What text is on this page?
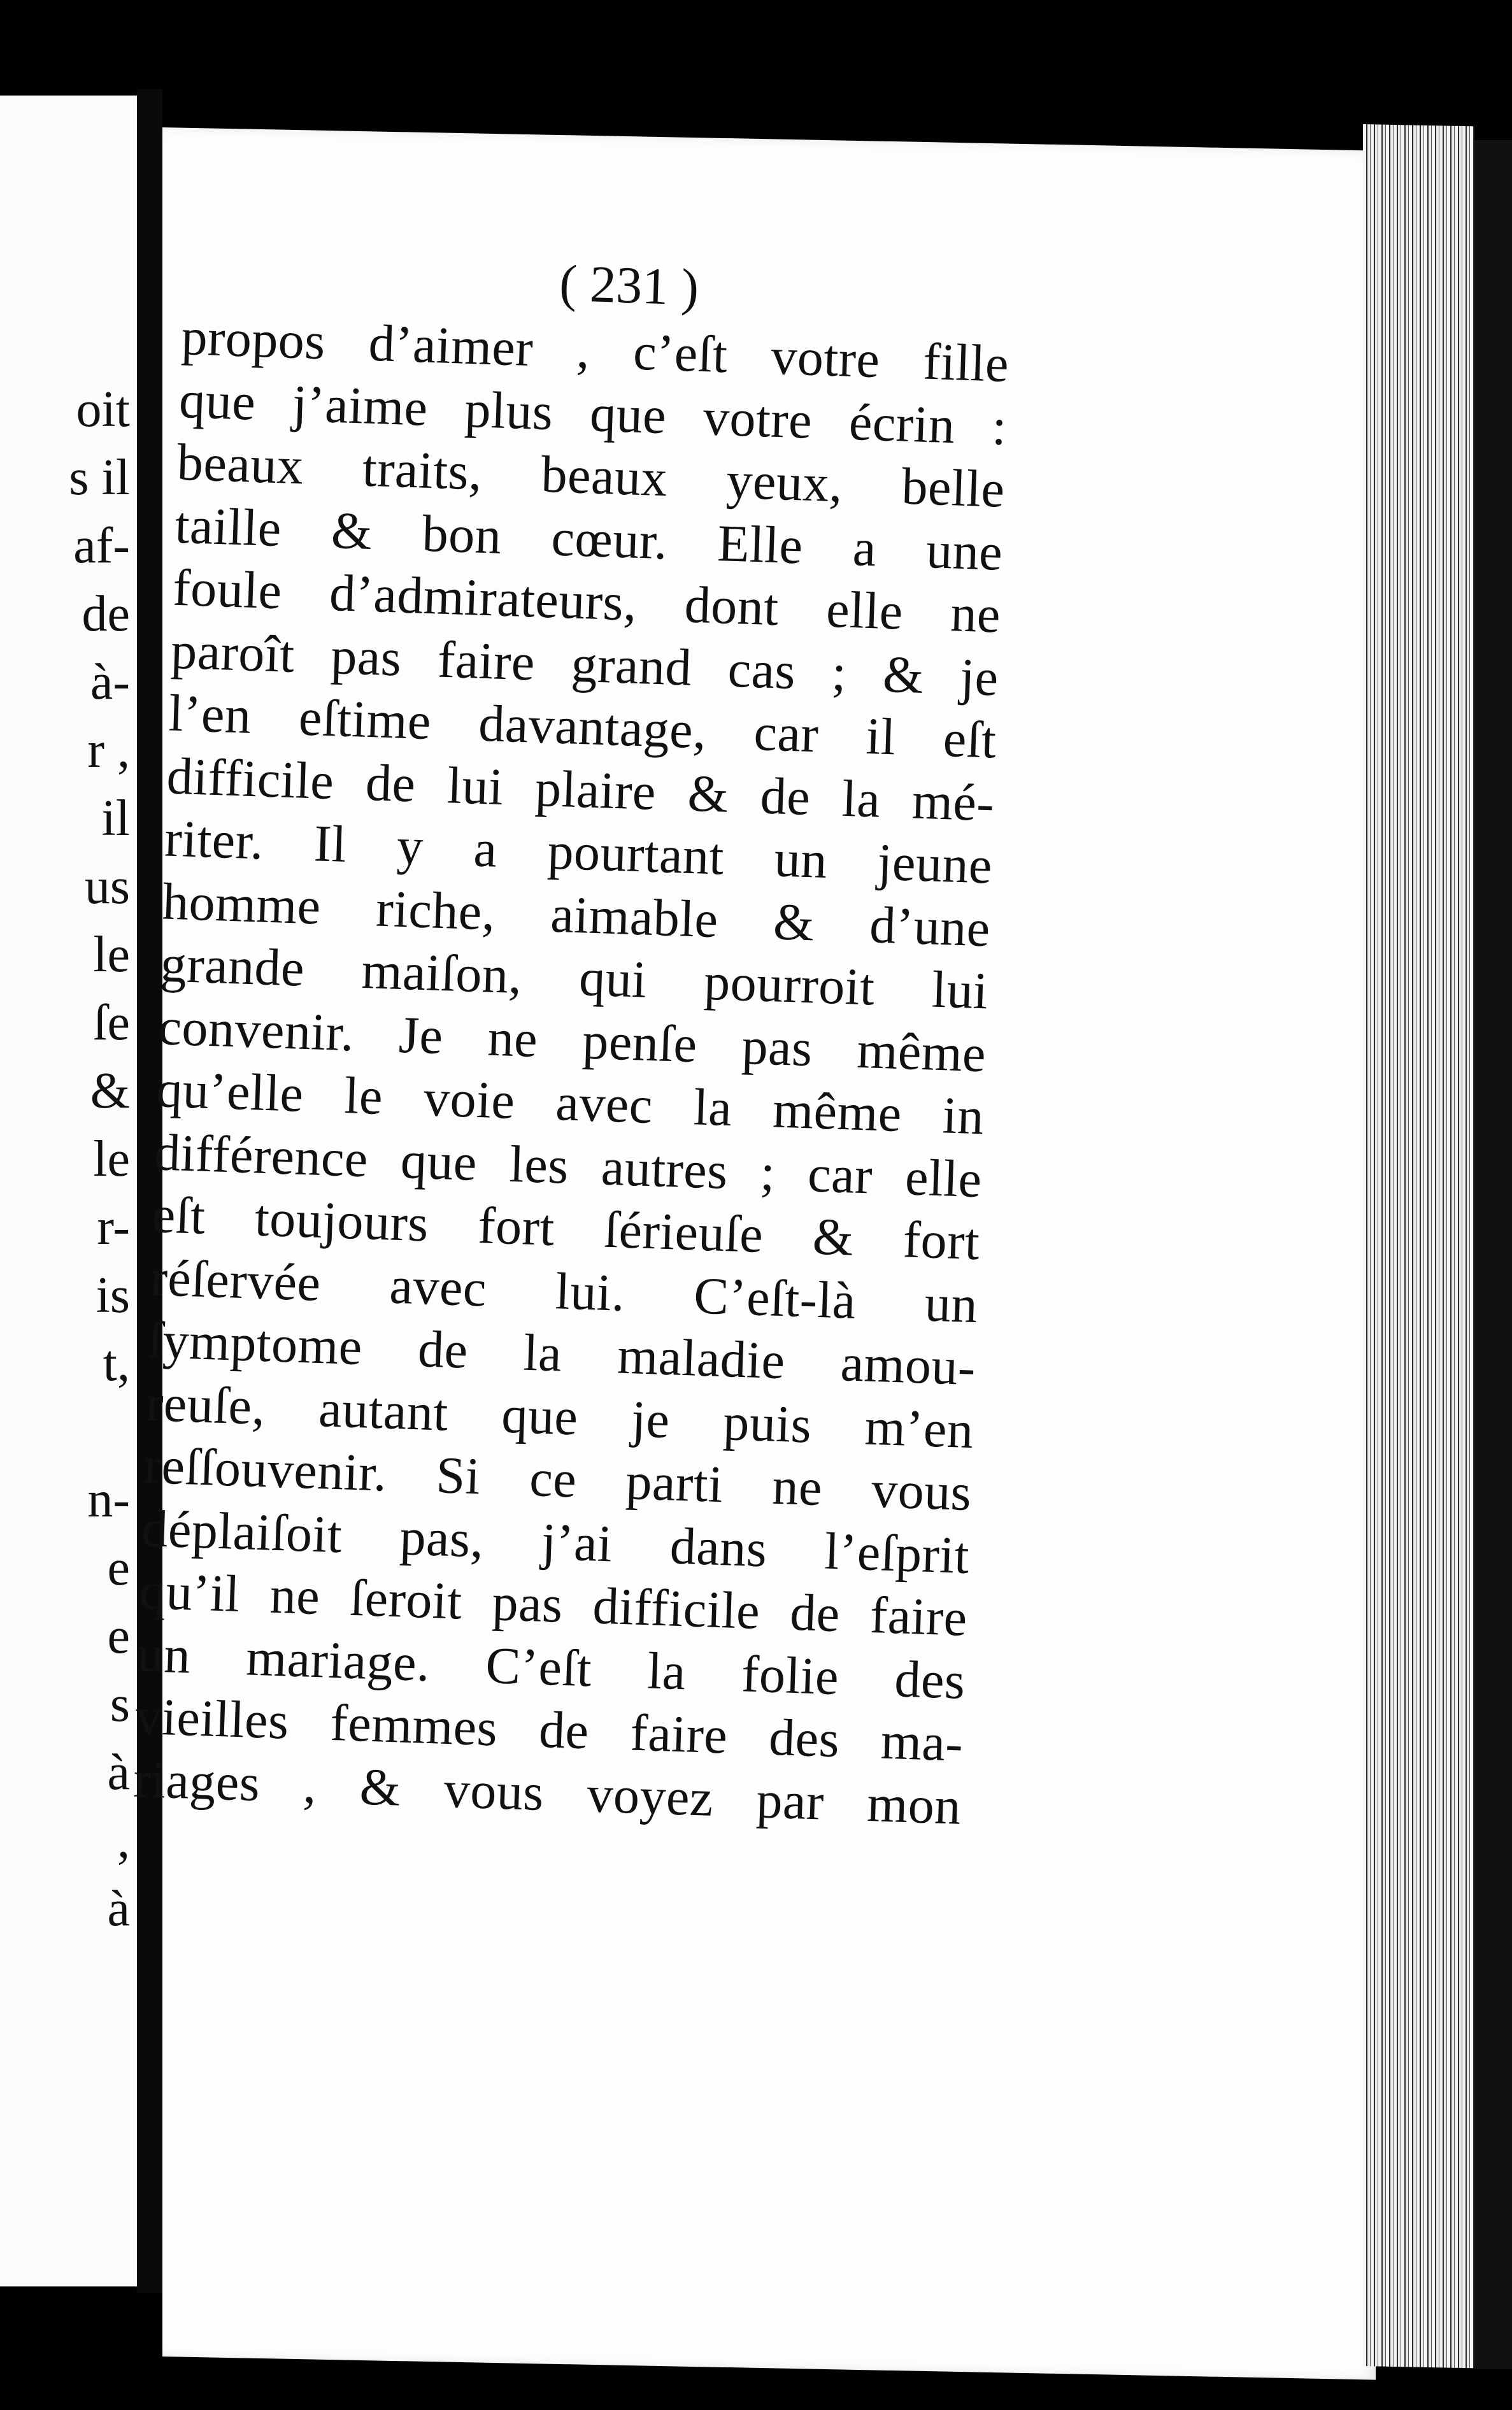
oit
s il
af-
de
à-
r ,
il
us
le
ſe
&
le
r-
is
t,
n-
e
e
s
à
,
à
( 231 )
propos d’aimer , c’eſt votre fille
que j’aime plus que votre écrin :
beaux traits, beaux yeux, belle
taille & bon cœur. Elle a une
foule d’admirateurs, dont elle ne
paroît pas faire grand cas ; & je
l’en eſtime davantage, car il eſt
difficile de lui plaire & de la mé-
riter. Il y a pourtant un jeune
homme riche, aimable & d’une
grande maiſon, qui pourroit lui
convenir. Je ne penſe pas même
qu’elle le voie avec la même in
différence que les autres ; car elle
eſt toujours fort ſérieuſe & fort
réſervée avec lui. C’eſt-là un
ſymptome de la maladie amou-
reuſe, autant que je puis m’en
reſſouvenir. Si ce parti ne vous
déplaiſoit pas, j’ai dans l’eſprit
qu’il ne ſeroit pas difficile de faire
un mariage. C’eſt la folie des
vieilles femmes de faire des ma-
riages , & vous voyez par mon
